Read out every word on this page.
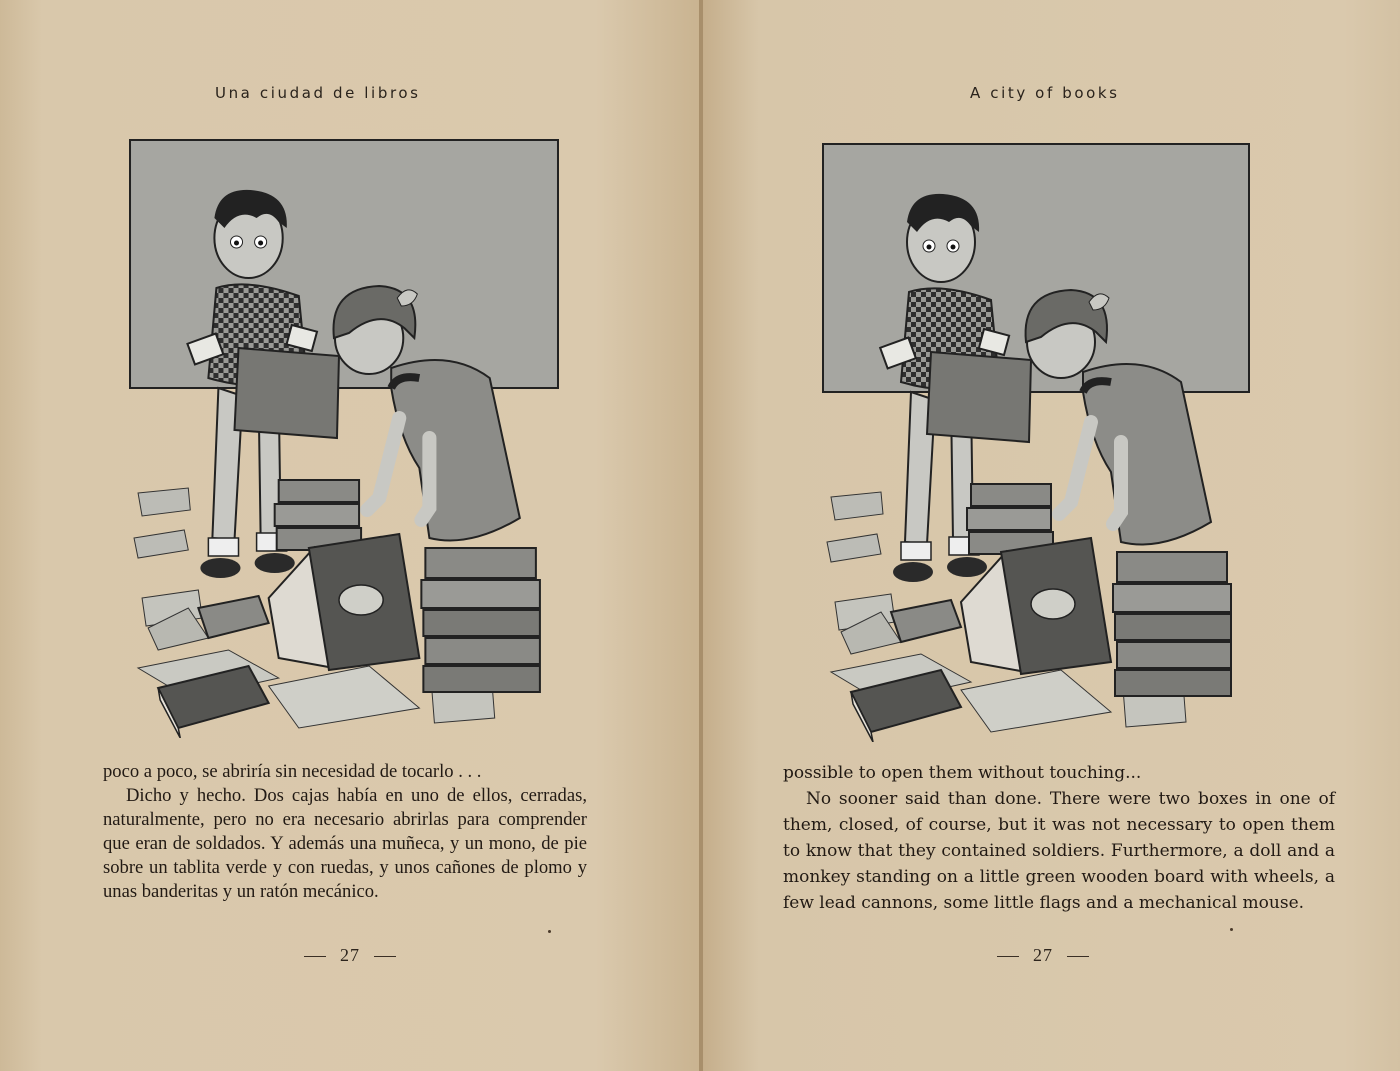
Una ciudad de libros

poco a poco, se abriría sin necesidad de tocarlo . . .

Dicho y hecho. Dos cajas había en uno de ellos, cerradas, naturalmente, pero no era necesario abrirlas para comprender que eran de soldados. Y además una muñeca, y un mono, de pie sobre un tablita verde y con ruedas, y unos cañones de plomo y unas banderitas y un ratón mecánico.

27
A city of books

possible to open them without touching...

No sooner said than done. There were two boxes in one of them, closed, of course, but it was not necessary to open them to know that they contained soldiers. Furthermore, a doll and a monkey standing on a little green wooden board with wheels, a few lead cannons, some little flags and a mechanical mouse.

27
